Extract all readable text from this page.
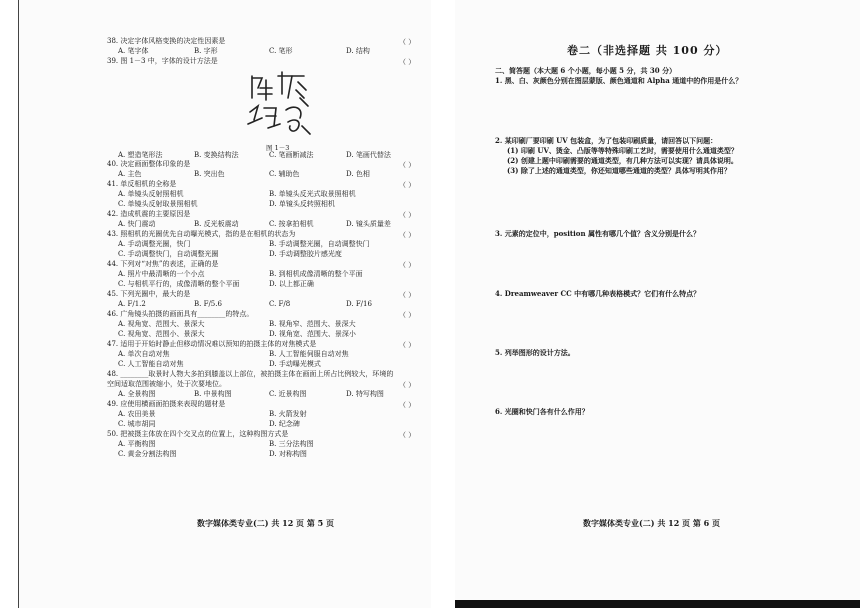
38. 决定字体风格变换的决定性因素是	（ ）
A. 笔字体	B. 字形	C. 笔形	D. 结构
39. 图 1－3 中，字体的设计方法是	（ ）
图 1－3
A. 塑造笔形法	B. 变换结构法	C. 笔画断减法	D. 笔画代替法
40. 决定画面整体印象的是	（ ）
A. 主色	B. 突出色	C. 辅助色	D. 色相
41. 单反相机的全称是	（ ）
A. 单镜头反射照相机	B. 单镜头反光式取景照相机
C. 单镜头反射取景照相机	D. 单镜头反转照相机
42. 造成机震的主要原因是	（ ）
A. 快门震动	B. 反光板震动	C. 按拿拍相机	D. 镜头质量差
43. 照相机的光圈优先自动曝光模式，指的是在相机的状态为	（ ）
A. 手动调整光圈，快门	B. 手动调整光圈，自动调整快门
C. 手动调整快门，自动调整光圈	D. 手动调整胶片感光度
44. 下列对“对焦”的表述，正确的是	（ ）
A. 照片中最清晰的一个小点	B. 到相机成像清晰的整个平面
C. 与相机平行的，成像清晰的整个平面	D. 以上都正确
45. 下列光圈中，最大的是	（ ）
A. F/1.2	B. F/5.6	C. F/8	D. F/16
46. 广角镜头拍摄的画面具有________的特点。	（ ）
A. 视角宽、范围大、景深大	B. 视角窄、范围大、景深大
C. 视角宽、范围小、景深大	D. 视角宽、范围大、景深小
47. 适用于开始时静止但移动情况难以预知的拍摄主体的对焦模式是	（ ）
A. 单次自动对焦	B. 人工智能伺服自动对焦
C. 人工智能自动对焦	D. 手动曝光模式
48. ________取景时人物大多拍到膝盖以上部位，被拍摄主体在画面上所占比例较大，环境的
空间适取范围被缩小，处于次要地位。	（ ）
A. 全景构图	B. 中景构图	C. 近景构图	D. 特写构图
49. 应使用横画面拍摄来表现的题材是	（ ）
A. 农田美景	B. 火箭发射
C. 城市胡同	D. 纪念碑
50. 把被摄主体放在四个交叉点的位置上，这种构图方式是	（ ）
A. 平衡构图	B. 三分法构图
C. 黄金分割法构图	D. 对称构图
数字媒体类专业(二) 共 12 页 第 5 页
卷二（非选择题 共 100 分）
二、简答题（本大题 6 个小题，每小题 5 分，共 30 分）
1. 黑、白、灰颜色分别在图层蒙版、颜色通道和 Alpha 通道中的作用是什么？
2. 某印刷厂要印刷 UV 包装盒，为了包装印刷质量，请回答以下问题：
(1) 印刷 UV、烫金、凸版等等特殊印刷工艺时，需要使用什么通道类型？
(2) 创建上题中印刷需要的通道类型，有几种方法可以实现？请具体说明。
(3) 除了上述的通道类型，你还知道哪些通道的类型？具体写明其作用？
3. 元素的定位中，position 属性有哪几个值？含义分别是什么？
4. Dreamweaver CC 中有哪几种表格模式？它们有什么特点？
5. 列举图形的设计方法。
6. 光圈和快门各有什么作用？
数字媒体类专业(二) 共 12 页 第 6 页
